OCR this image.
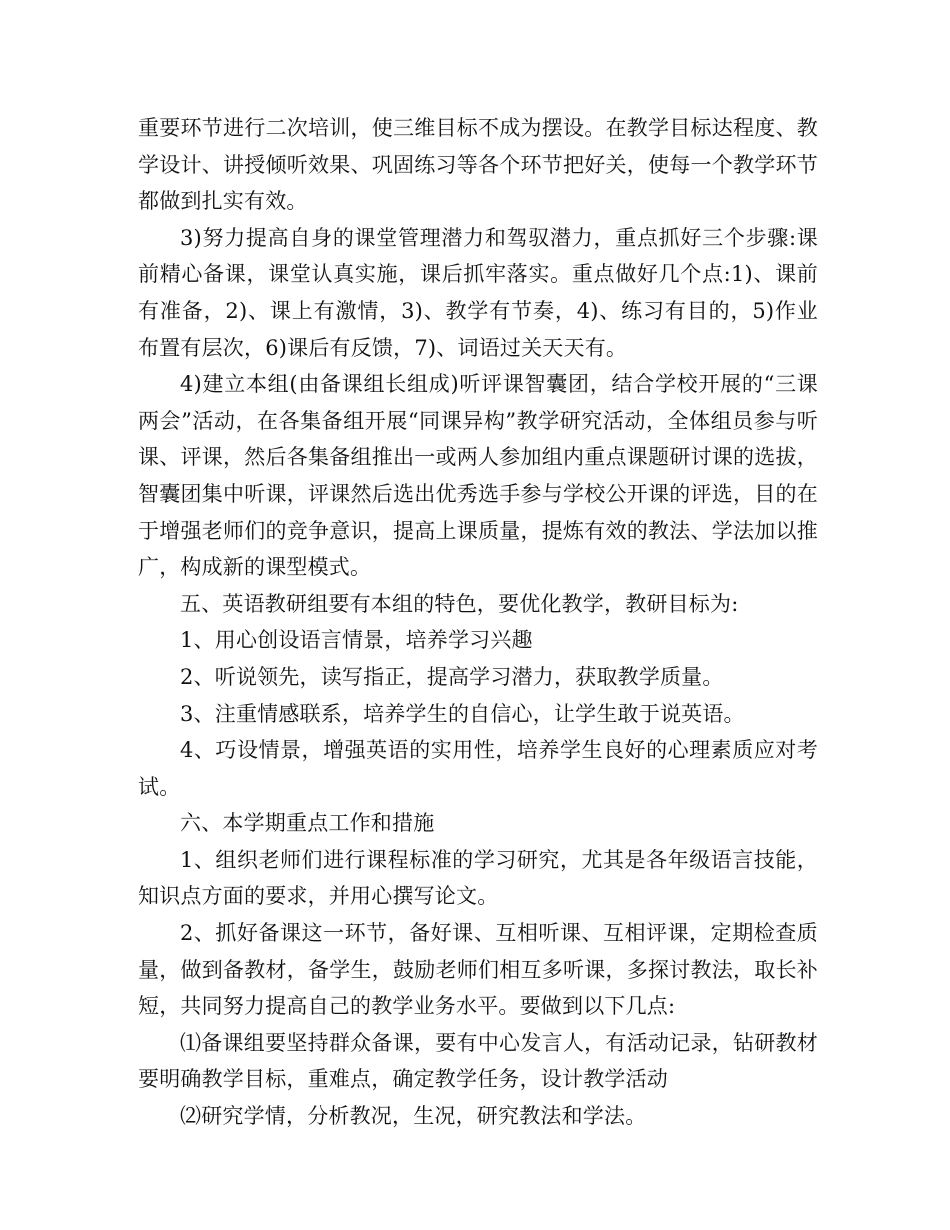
重要环节进行二次培训，使三维目标不成为摆设。在教学目标达程度、教学设计、讲授倾听效果、巩固练习等各个环节把好关，使每一个教学环节都做到扎实有效。

3)努力提高自身的课堂管理潜力和驾驭潜力，重点抓好三个步骤:课前精心备课，课堂认真实施，课后抓牢落实。重点做好几个点:1)、课前有准备，2)、课上有激情，3)、教学有节奏，4)、练习有目的，5)作业布置有层次，6)课后有反馈，7)、词语过关天天有。

4)建立本组(由备课组长组成)听评课智囊团，结合学校开展的“三课两会”活动，在各集备组开展“同课异构”教学研究活动，全体组员参与听课、评课，然后各集备组推出一或两人参加组内重点课题研讨课的选拔，智囊团集中听课，评课然后选出优秀选手参与学校公开课的评选，目的在于增强老师们的竞争意识，提高上课质量，提炼有效的教法、学法加以推广，构成新的课型模式。

五、英语教研组要有本组的特色，要优化教学，教研目标为:

1、用心创设语言情景，培养学习兴趣

2、听说领先，读写指正，提高学习潜力，获取教学质量。

3、注重情感联系，培养学生的自信心，让学生敢于说英语。

4、巧设情景，增强英语的实用性，培养学生良好的心理素质应对考试。

六、本学期重点工作和措施

1、组织老师们进行课程标准的学习研究，尤其是各年级语言技能，知识点方面的要求，并用心撰写论文。

2、抓好备课这一环节，备好课、互相听课、互相评课，定期检查质量，做到备教材，备学生，鼓励老师们相互多听课，多探讨教法，取长补短，共同努力提高自己的教学业务水平。要做到以下几点:

⑴备课组要坚持群众备课，要有中心发言人，有活动记录，钻研教材要明确教学目标，重难点，确定教学任务，设计教学活动

⑵研究学情，分析教况，生况，研究教法和学法。
